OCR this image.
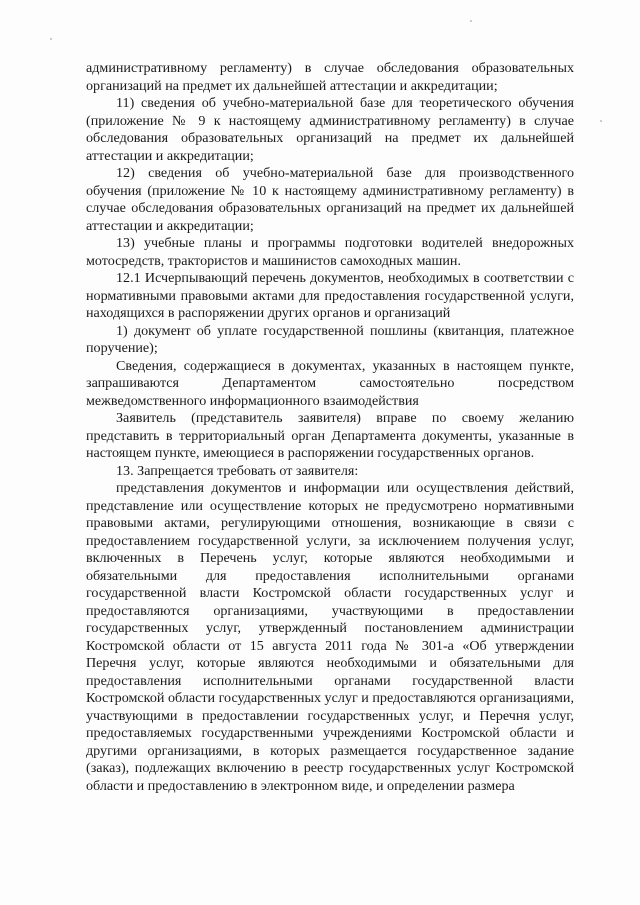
административному регламенту) в случае обследования образовательных организаций на предмет их дальнейшей аттестации и аккредитации;

11) сведения об учебно-материальной базе для теоретического обучения (приложение № 9 к настоящему административному регламенту) в случае обследования образовательных организаций на предмет их дальнейшей аттестации и аккредитации;

12) сведения об учебно-материальной базе для производственного обучения (приложение № 10 к настоящему административному регламенту) в случае обследования образовательных организаций на предмет их дальнейшей аттестации и аккредитации;

13) учебные планы и программы подготовки водителей внедорожных мотосредств, трактористов и машинистов самоходных машин.

12.1 Исчерпывающий перечень документов, необходимых в соответствии с нормативными правовыми актами для предоставления государственной услуги, находящихся в распоряжении других органов и организаций

1) документ об уплате государственной пошлины (квитанция, платежное поручение);

Сведения, содержащиеся в документах, указанных в настоящем пункте, запрашиваются Департаментом самостоятельно посредством межведомственного информационного взаимодействия

Заявитель (представитель заявителя) вправе по своему желанию представить в территориальный орган Департамента документы, указанные в настоящем пункте, имеющиеся в распоряжении государственных органов.

13. Запрещается требовать от заявителя:

представления документов и информации или осуществления действий, представление или осуществление которых не предусмотрено нормативными правовыми актами, регулирующими отношения, возникающие в связи с предоставлением государственной услуги, за исключением получения услуг, включенных в Перечень услуг, которые являются необходимыми и обязательными для предоставления исполнительными органами государственной власти Костромской области государственных услуг и предоставляются организациями, участвующими в предоставлении государственных услуг, утвержденный постановлением администрации Костромской области от 15 августа 2011 года № 301-а «Об утверждении Перечня услуг, которые являются необходимыми и обязательными для предоставления исполнительными органами государственной власти Костромской области государственных услуг и предоставляются организациями, участвующими в предоставлении государственных услуг, и Перечня услуг, предоставляемых государственными учреждениями Костромской области и другими организациями, в которых размещается государственное задание (заказ), подлежащих включению в реестр государственных услуг Костромской области и предоставлению в электронном виде, и определении размера
